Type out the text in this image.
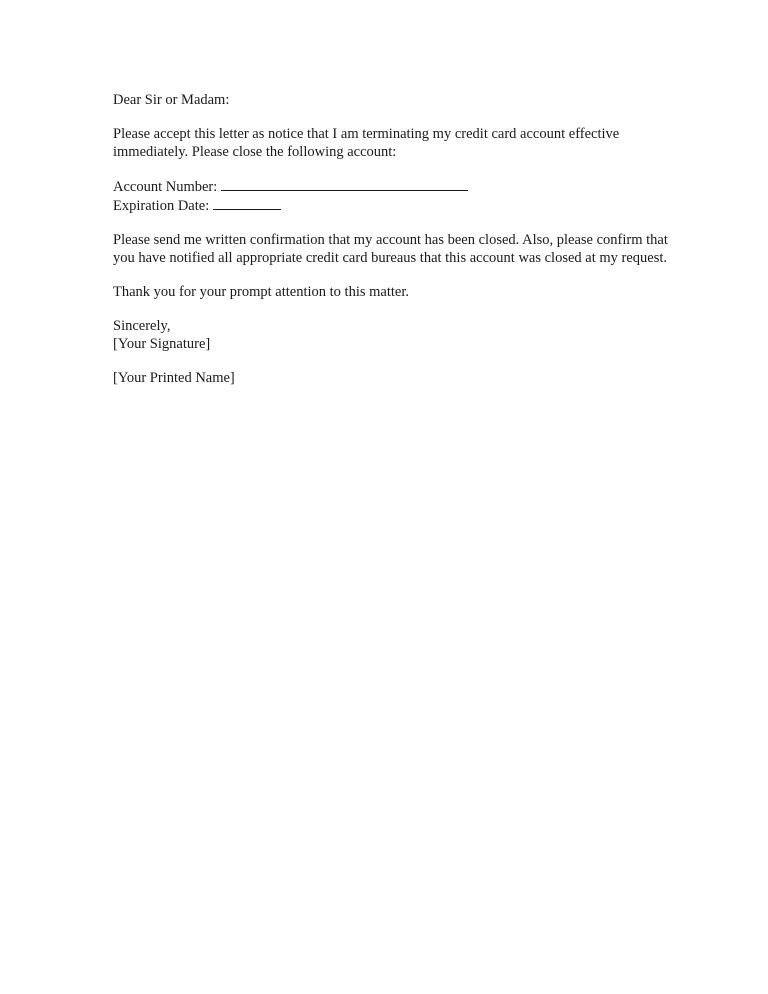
Dear Sir or Madam:

Please accept this letter as notice that I am terminating my credit card account effective immediately. Please close the following account:

Account Number:
Expiration Date:

Please send me written confirmation that my account has been closed. Also, please confirm that you have notified all appropriate credit card bureaus that this account was closed at my request.

Thank you for your prompt attention to this matter.

Sincerely,

[Your Signature]

[Your Printed Name]
